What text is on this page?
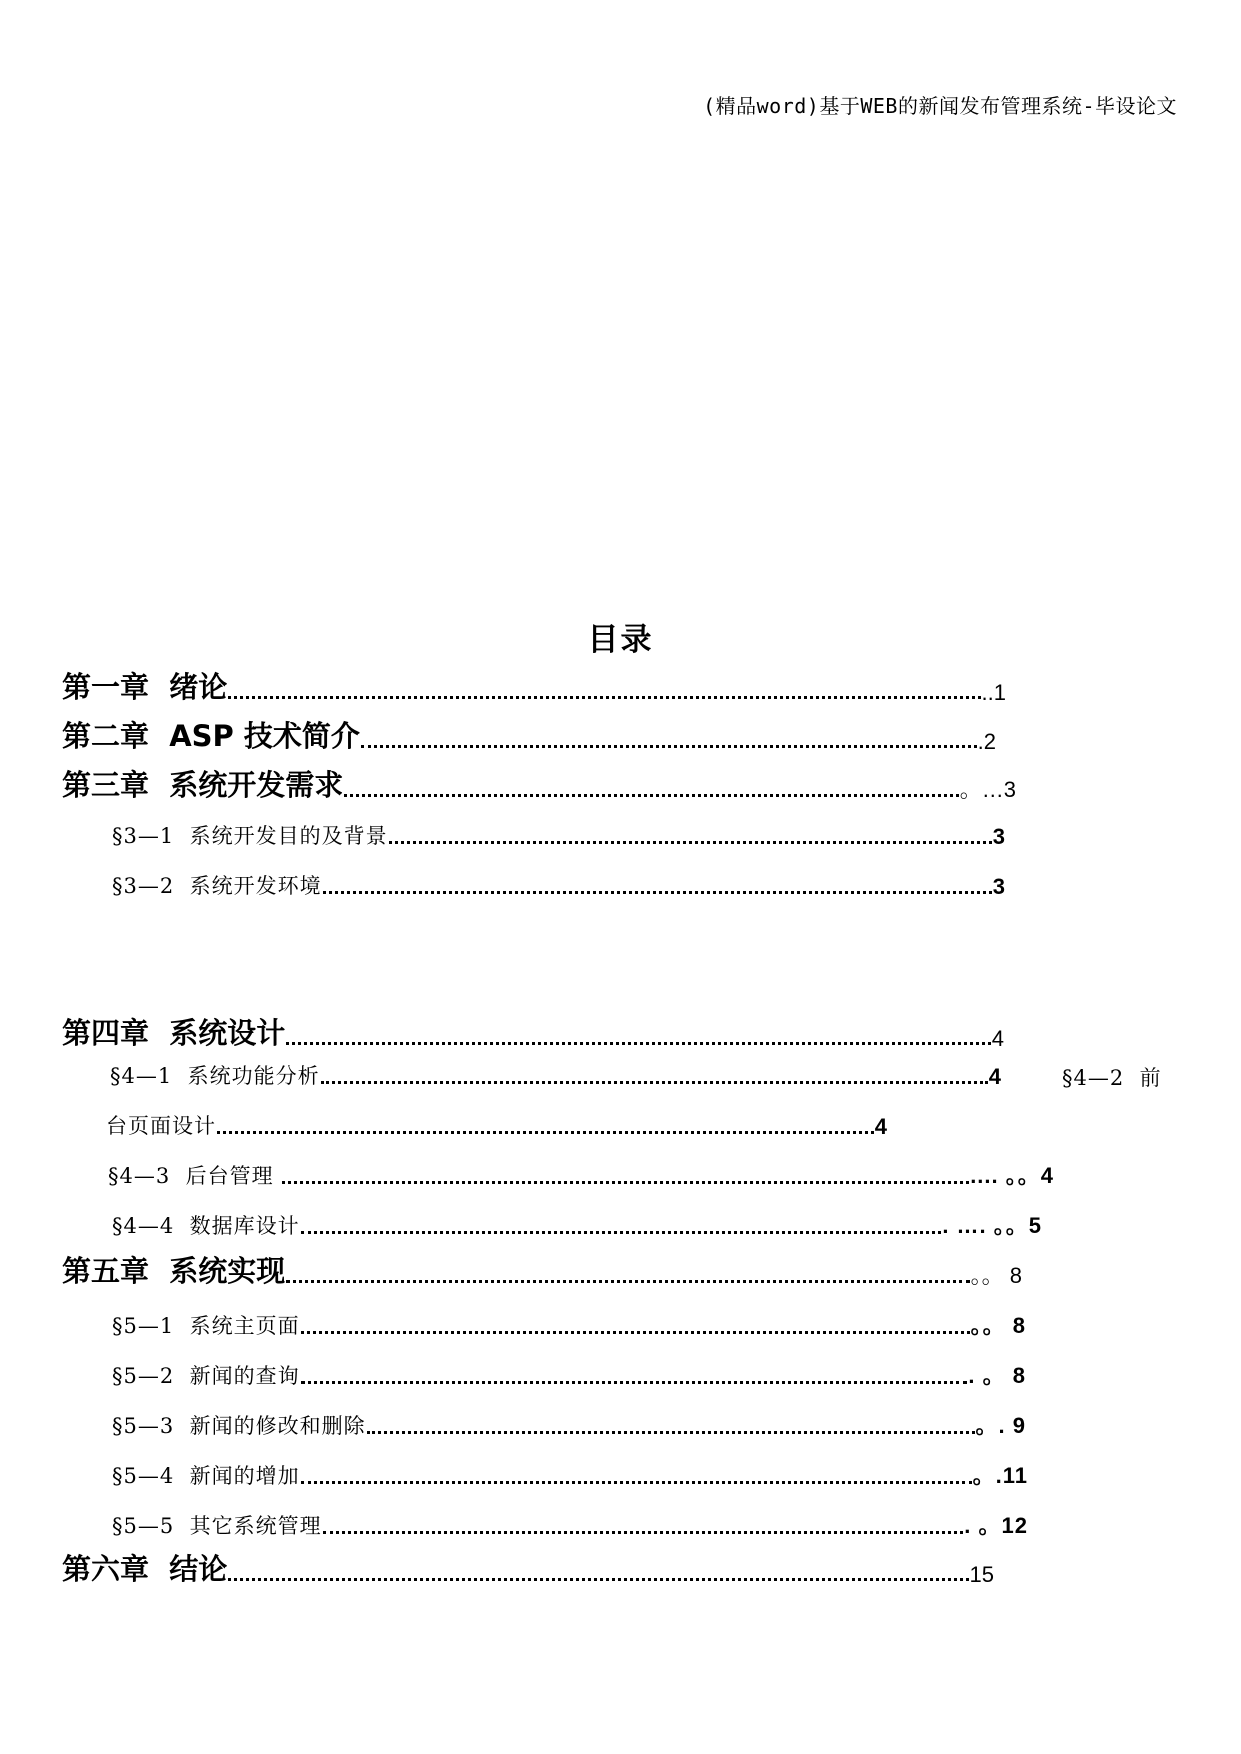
(精品word)基于WEB的新闻发布管理系统-毕设论文
目录
第一章  绪论	..1
第二章  ASP 技术简介	.2
第三章  系统开发需求	。…3
§3—1  系统开发目的及背景	3
§3—2  系统开发环境	3
第四章  系统设计	4
§4—1  系统功能分析	4	§4—2  前
台页面设计	4
§4—3  后台管理	.... 。。4
§4—4  数据库设计	. …. 。。5
第五章  系统实现	。。 8
§5—1  系统主页面	。。 8
§5—2  新闻的查询	. 。 8
§5—3  新闻的修改和删除	。. 9
§5—4  新闻的增加	。.11
§5—5  其它系统管理	. 。12
第六章  结论	15
